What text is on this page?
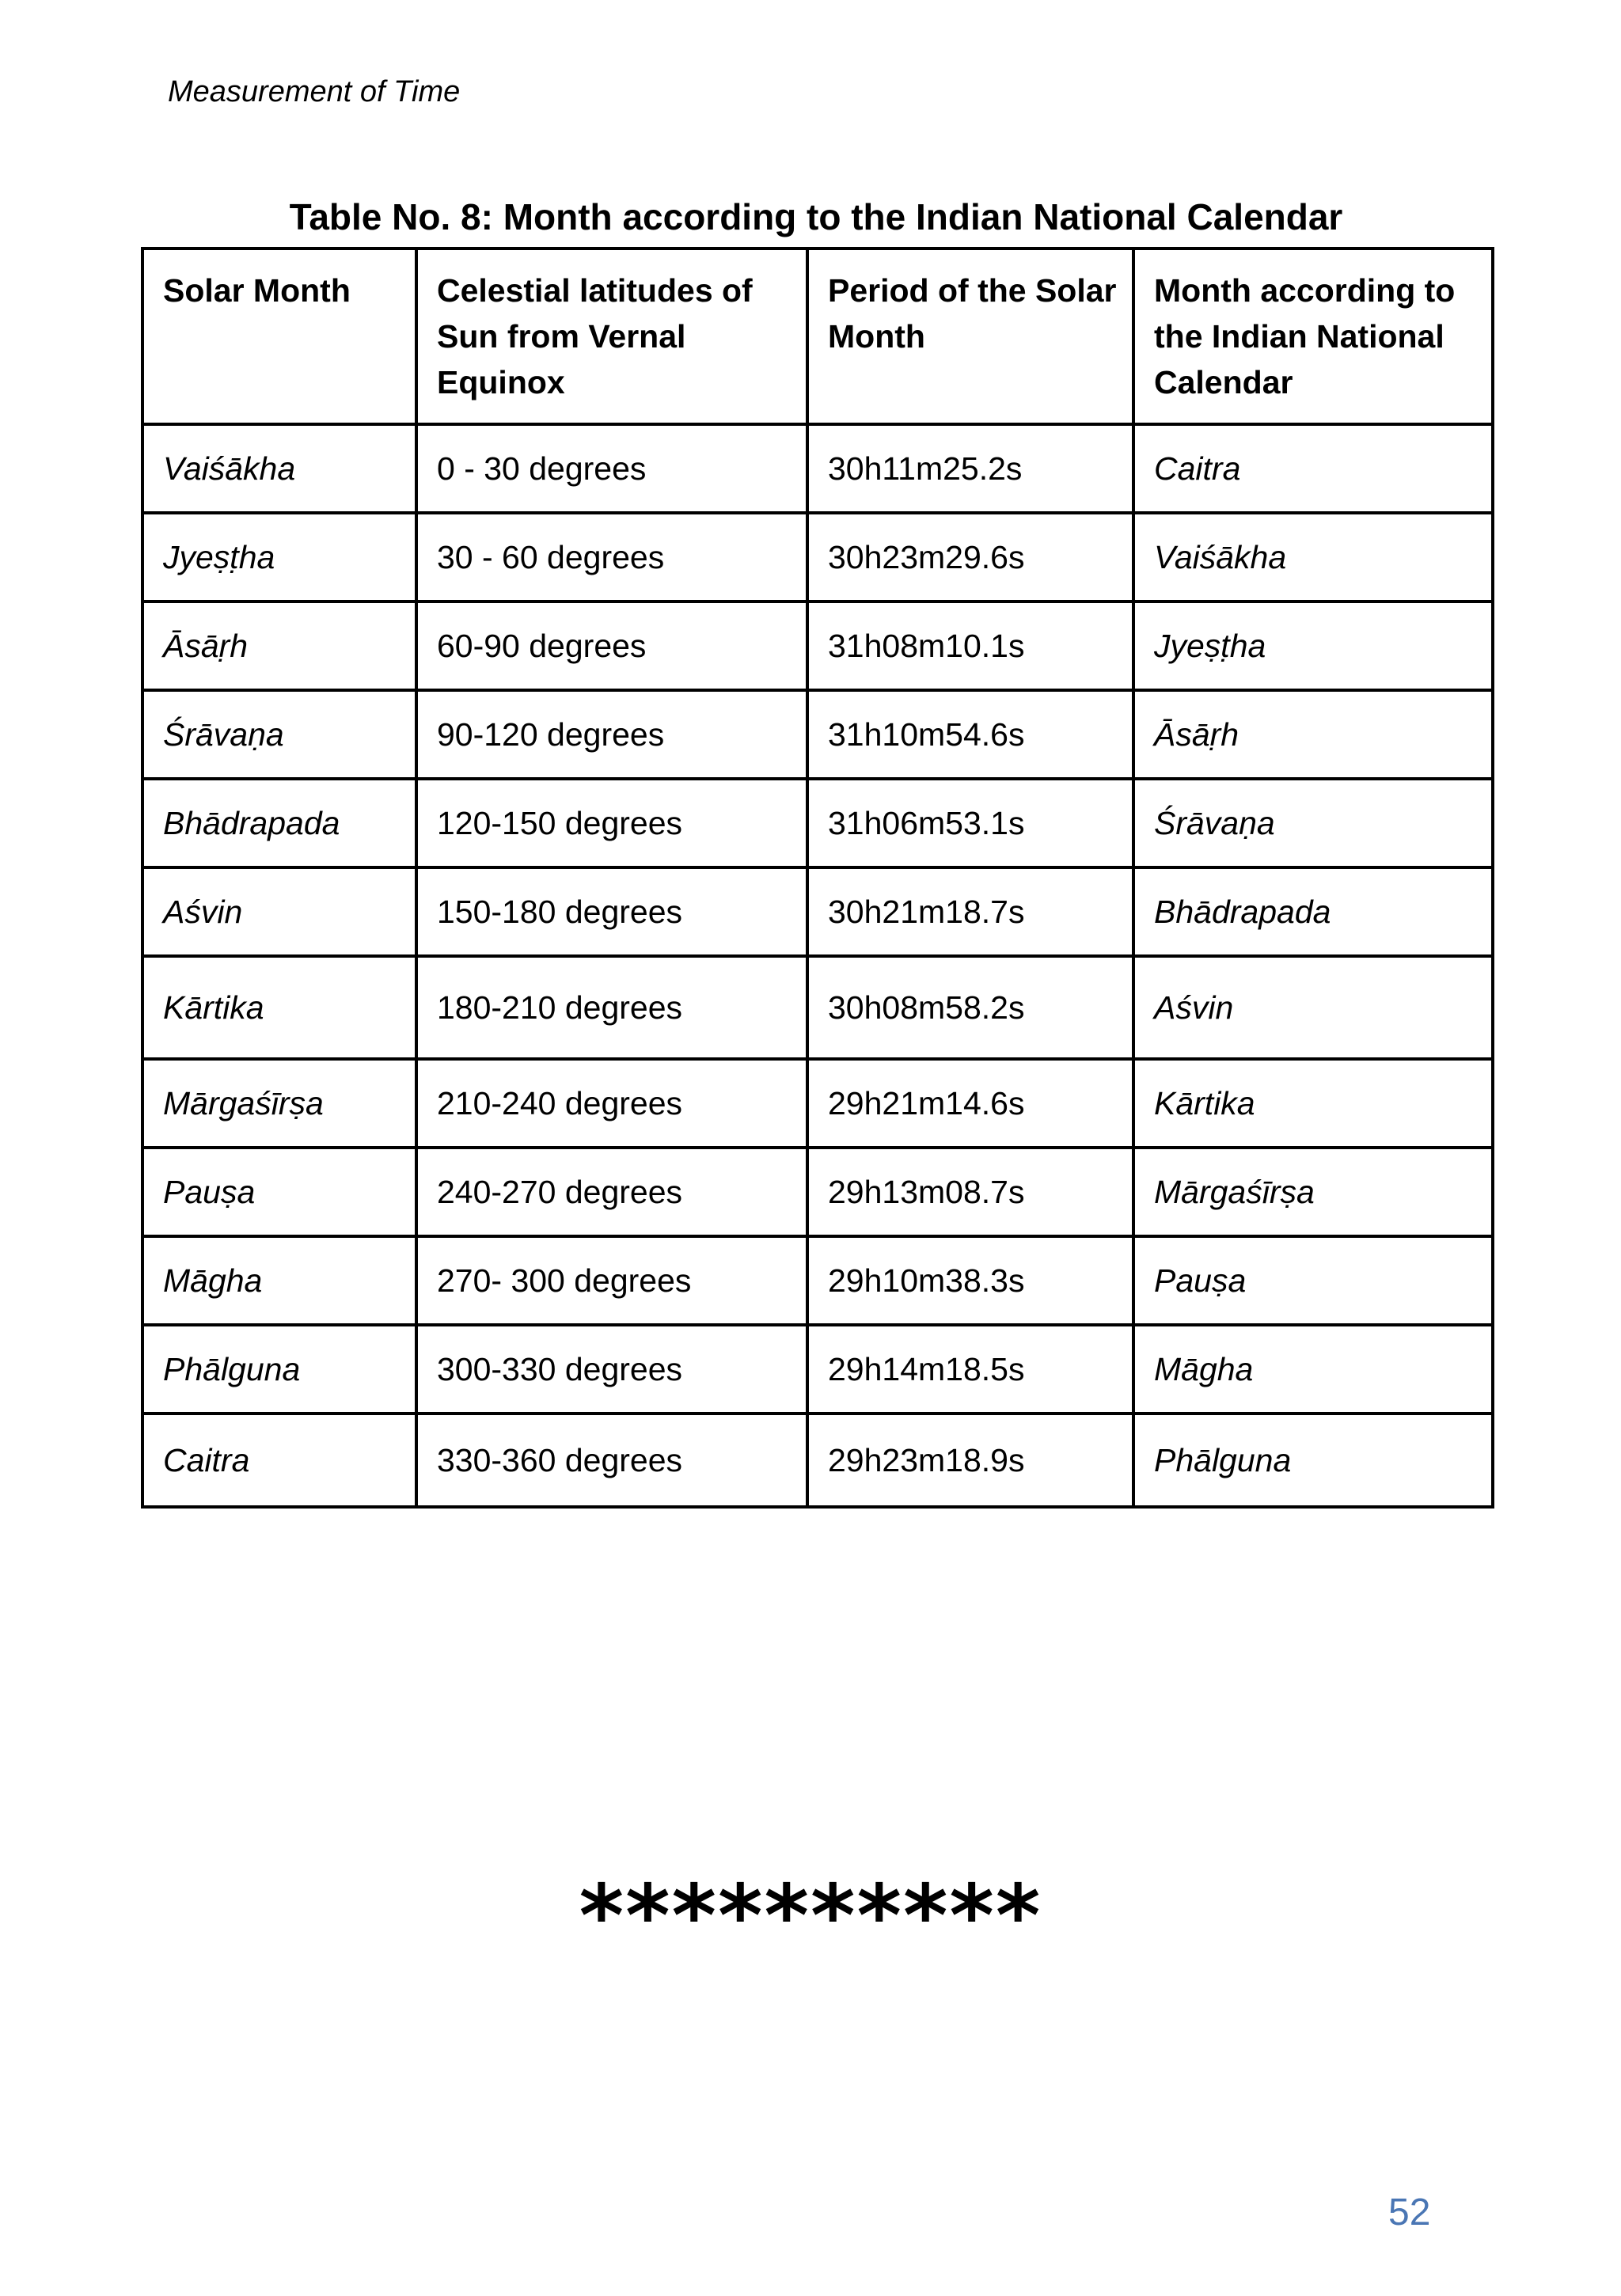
Measurement of Time
Table No. 8: Month according to the Indian National Calendar
Solar Month	Celestial latitudes of Sun from Vernal Equinox	Period of the Solar Month	Month according to the Indian National Calendar
Vaiśākha	0 - 30 degrees	30h11m25.2s	Caitra
Jyeṣṭha	30 - 60 degrees	30h23m29.6s	Vaiśākha
Āsāṛh	60-90 degrees	31h08m10.1s	Jyeṣṭha
Śrāvaṇa	90-120 degrees	31h10m54.6s	Āsāṛh
Bhādrapada	120-150 degrees	31h06m53.1s	Śrāvaṇa
Aśvin	150-180 degrees	30h21m18.7s	Bhādrapada
Kārtika	180-210 degrees	30h08m58.2s	Aśvin
Mārgaśīrṣa	210-240 degrees	29h21m14.6s	Kārtika
Pauṣa	240-270 degrees	29h13m08.7s	Mārgaśīrṣa
Māgha	270- 300 degrees	29h10m38.3s	Pauṣa
Phālguna	300-330 degrees	29h14m18.5s	Māgha
Caitra	330-360 degrees	29h23m18.9s	Phālguna
**********
52
